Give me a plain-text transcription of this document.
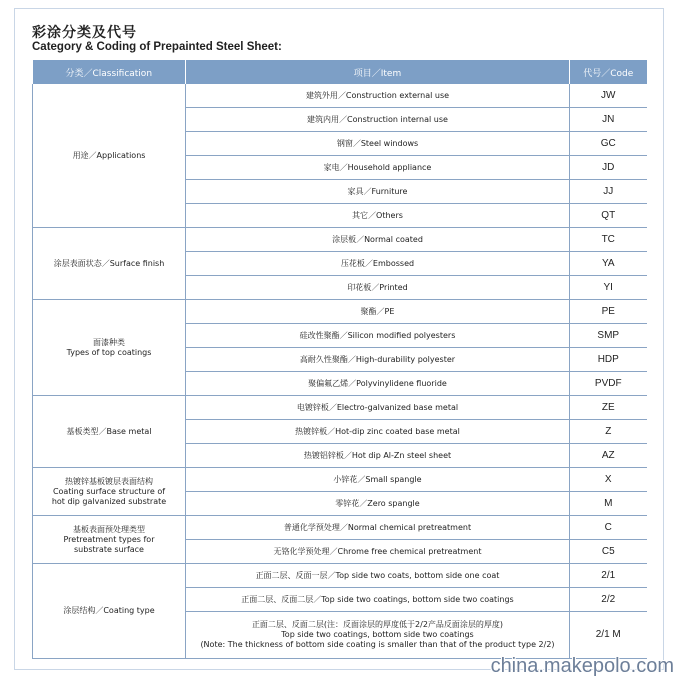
彩涂分类及代号
Category & Coding of Prepainted Steel Sheet:
分类／Classification	项目／Item	代号／Code

用途／Applications	建筑外用／Construction external use	JW

	建筑内用／Construction internal use	JN

	钢窗／Steel windows	GC

	家电／Household appliance	JD

	家具／Furniture	JJ

	其它／Others	QT

涂层表面状态／Surface finish	涂层板／Normal coated	TC

	压花板／Embossed	YA

	印花板／Printed	YI

面漆种类
Types of top coatings	聚酯／PE	PE

	硅改性聚酯／Silicon modified polyesters	SMP

	高耐久性聚酯／High-durability polyester	HDP

	聚偏氟乙烯／Polyvinylidene fluoride	PVDF

基板类型／Base metal	电镀锌板／Electro-galvanized base metal	ZE

	热镀锌板／Hot-dip zinc coated base metal	Z

	热镀铝锌板／Hot dip Al-Zn steel sheet	AZ

热镀锌基板镀层表面结构
Coating surface structure of
hot dip galvanized substrate	小锌花／Small spangle	X

	零锌花／Zero spangle	M

基板表面预处理类型
Pretreatment types for
substrate surface	普通化学预处理／Normal chemical pretreatment	C

	无铬化学预处理／Chrome free chemical pretreatment	C5

涂层结构／Coating type	正面二层、反面一层／Top side two coats, bottom side one coat	2/1

	正面二层、反面二层／Top side two coatings, bottom side two coatings	2/2

	正面二层、反面二层(注：反面涂层的厚度低于2/2产品反面涂层的厚度)
Top side two coatings, bottom side two coatings
(Note: The thickness of bottom side coating is smaller than that of the product type 2/2)	2/1 M
china.makepolo.com
